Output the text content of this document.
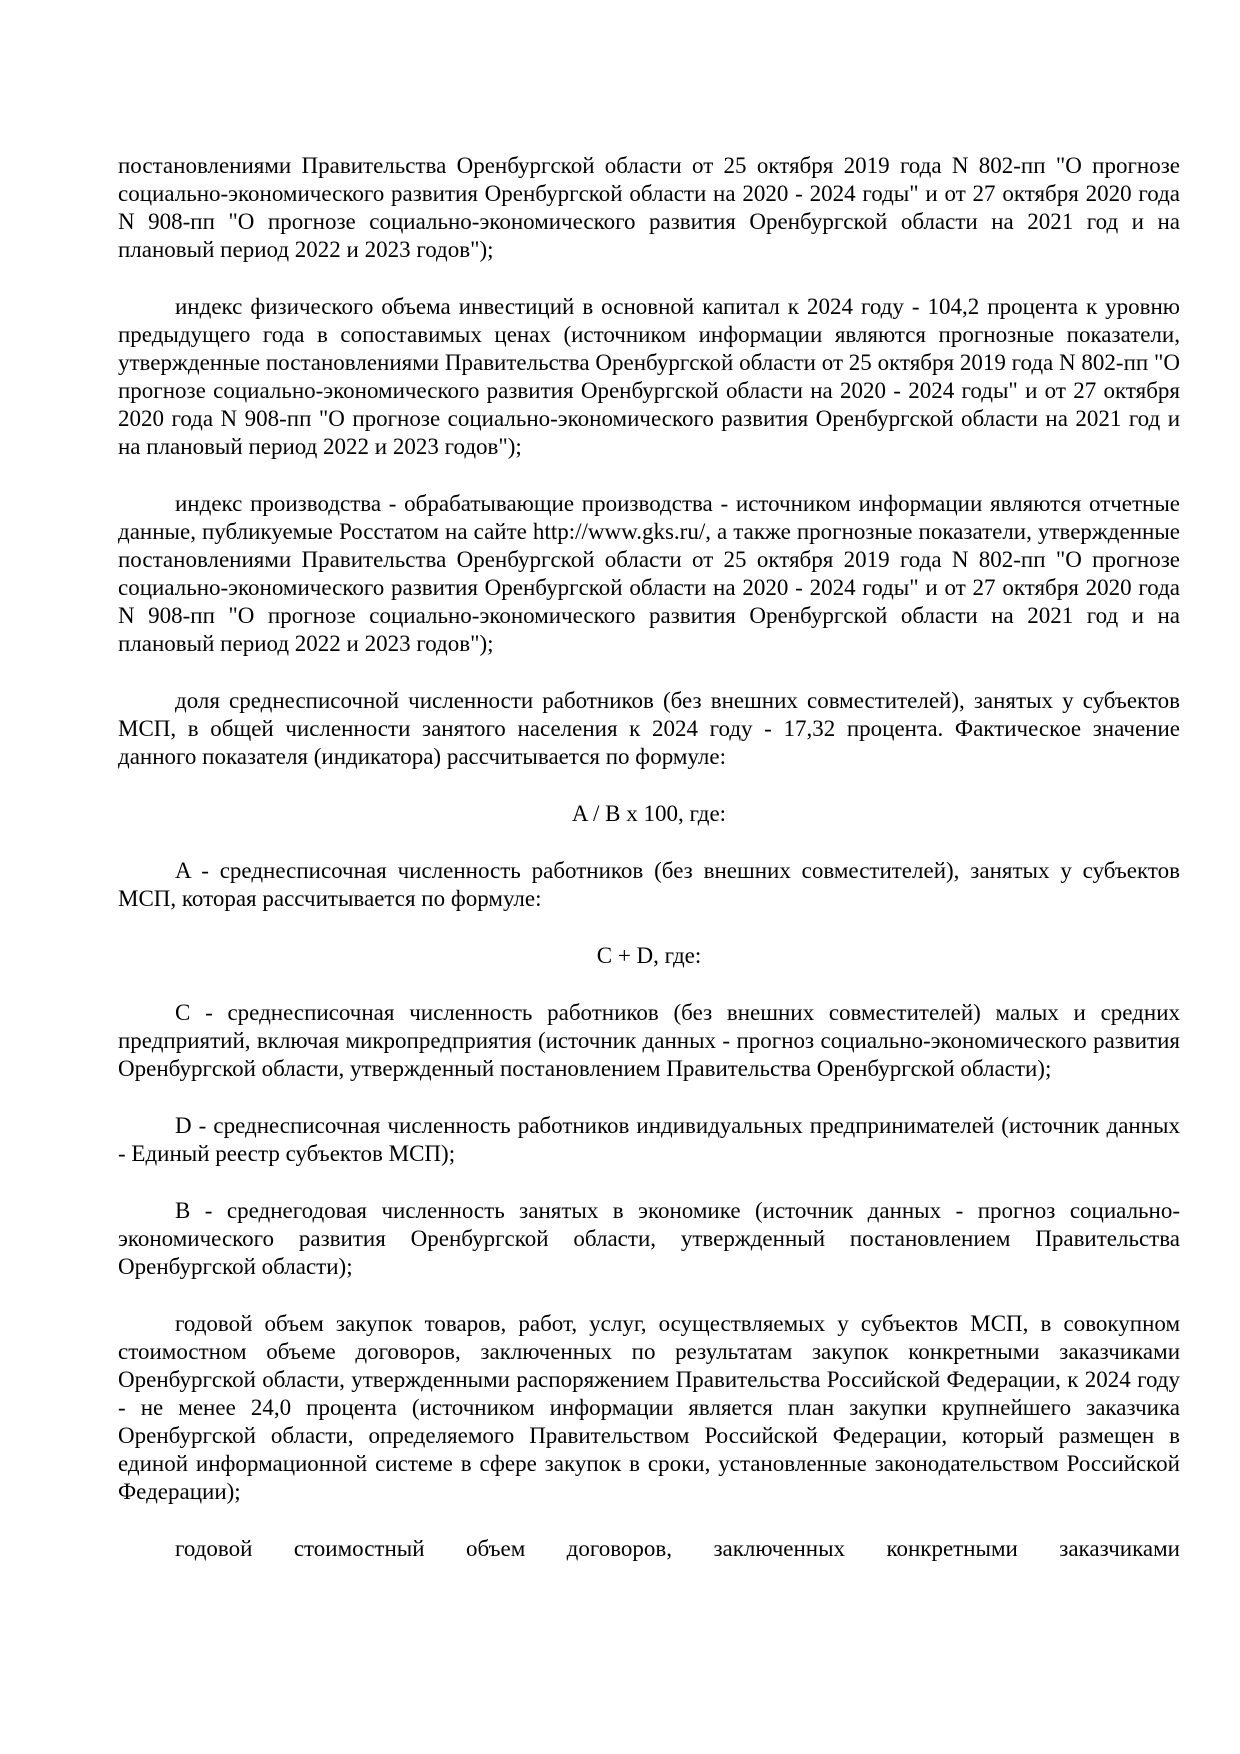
постановлениями Правительства Оренбургской области от 25 октября 2019 года N 802-пп "О прогнозе социально-экономического развития Оренбургской области на 2020 - 2024 годы" и от 27 октября 2020 года N 908-пп "О прогнозе социально-экономического развития Оренбургской области на 2021 год и на плановый период 2022 и 2023 годов");

индекс физического объема инвестиций в основной капитал к 2024 году - 104,2 процента к уровню предыдущего года в сопоставимых ценах (источником информации являются прогнозные показатели, утвержденные постановлениями Правительства Оренбургской области от 25 октября 2019 года N 802-пп "О прогнозе социально-экономического развития Оренбургской области на 2020 - 2024 годы" и от 27 октября 2020 года N 908-пп "О прогнозе социально-экономического развития Оренбургской области на 2021 год и на плановый период 2022 и 2023 годов");

индекс производства - обрабатывающие производства - источником информации являются отчетные данные, публикуемые Росстатом на сайте http://www.gks.ru/, а также прогнозные показатели, утвержденные постановлениями Правительства Оренбургской области от 25 октября 2019 года N 802-пп "О прогнозе социально-экономического развития Оренбургской области на 2020 - 2024 годы" и от 27 октября 2020 года N 908-пп "О прогнозе социально-экономического развития Оренбургской области на 2021 год и на плановый период 2022 и 2023 годов");

доля среднесписочной численности работников (без внешних совместителей), занятых у субъектов МСП, в общей численности занятого населения к 2024 году - 17,32 процента. Фактическое значение данного показателя (индикатора) рассчитывается по формуле:

A / B x 100, где:

A - среднесписочная численность работников (без внешних совместителей), занятых у субъектов МСП, которая рассчитывается по формуле:

C + D, где:

C - среднесписочная численность работников (без внешних совместителей) малых и средних предприятий, включая микропредприятия (источник данных - прогноз социально-экономического развития Оренбургской области, утвержденный постановлением Правительства Оренбургской области);

D - среднесписочная численность работников индивидуальных предпринимателей (источник данных - Единый реестр субъектов МСП);

B - среднегодовая численность занятых в экономике (источник данных - прогноз социально-экономического развития Оренбургской области, утвержденный постановлением Правительства Оренбургской области);

годовой объем закупок товаров, работ, услуг, осуществляемых у субъектов МСП, в совокупном стоимостном объеме договоров, заключенных по результатам закупок конкретными заказчиками Оренбургской области, утвержденными распоряжением Правительства Российской Федерации, к 2024 году - не менее 24,0 процента (источником информации является план закупки крупнейшего заказчика Оренбургской области, определяемого Правительством Российской Федерации, который размещен в единой информационной системе в сфере закупок в сроки, установленные законодательством Российской Федерации);

годовой стоимостный объем договоров, заключенных конкретными заказчиками
